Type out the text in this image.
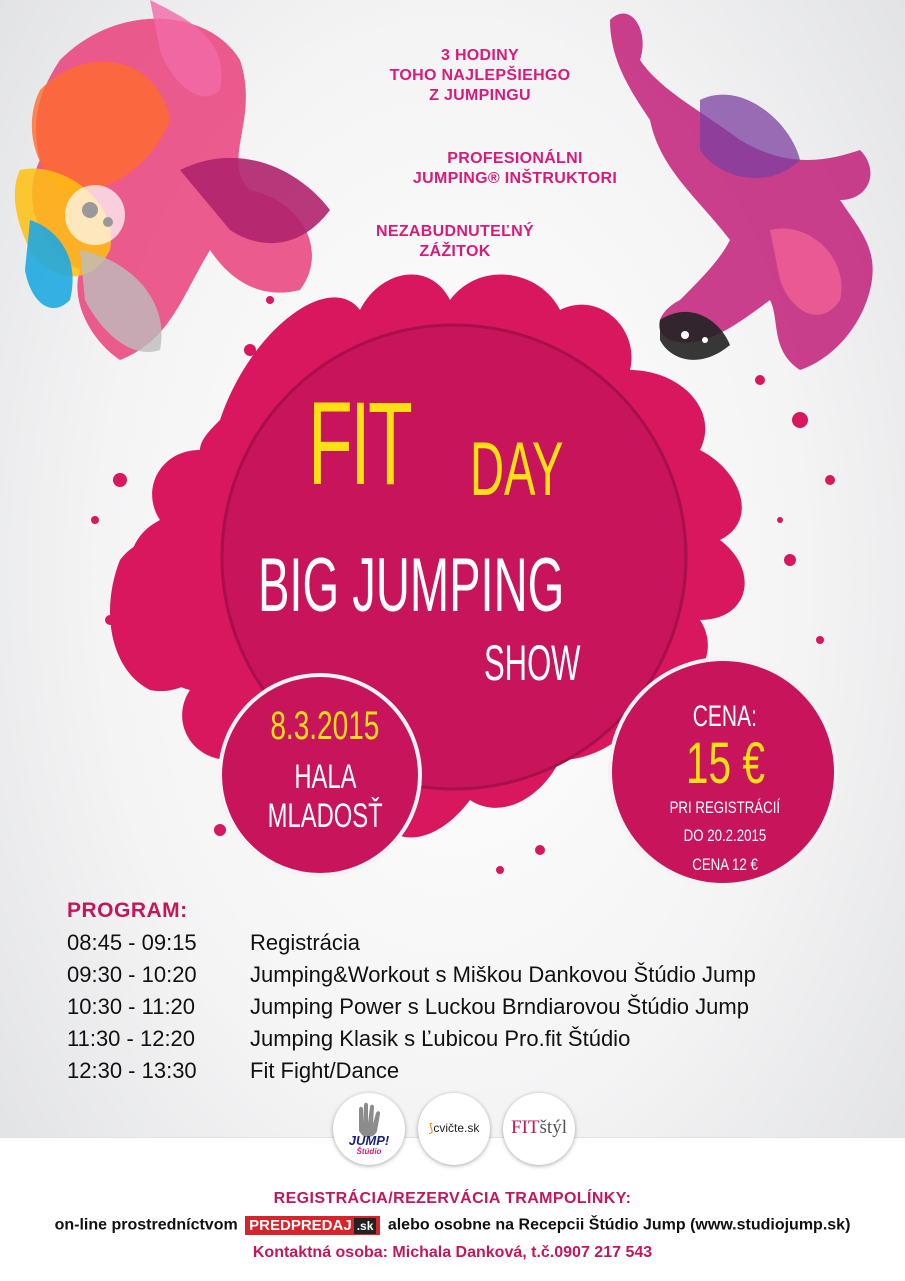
3 HODINY
TOHO NAJLEPŠIEHGO
Z JUMPINGU
PROFESIONÁLNI
JUMPING® INŠTRUKTORI
NEZABUDNUTEĽNÝ
ZÁŽITOK
FIT DAY
BIG JUMPING
SHOW
8.3.2015
HALA
MLADOSŤ
CENA:
15 €
PRI REGISTRÁCIÍ
DO 20.2.2015
CENA 12 €
PROGRAM:
08:45 - 09:15 Registrácia
09:30 - 10:20 Jumping&Workout s Miškou Dankovou Štúdio Jump
10:30 - 11:20 Jumping Power s Luckou Brndiarovou Štúdio Jump
11:30 - 12:20 Jumping Klasik s Ľubicou Pro.fit Štúdio
12:30 - 13:30 Fit Fight/Dance
REGISTRÁCIA/REZERVÁCIA TRAMPOLÍNKY:
on-line prostredníctvom PREDPREDAJ .sk alebo osobne na Recepcii Štúdio Jump (www.studiojump.sk)
Kontaktná osoba: Michala Danková, t.č.0907 217 543
JUMP!
Štúdio
⟆cvičte.sk	FITštýl
